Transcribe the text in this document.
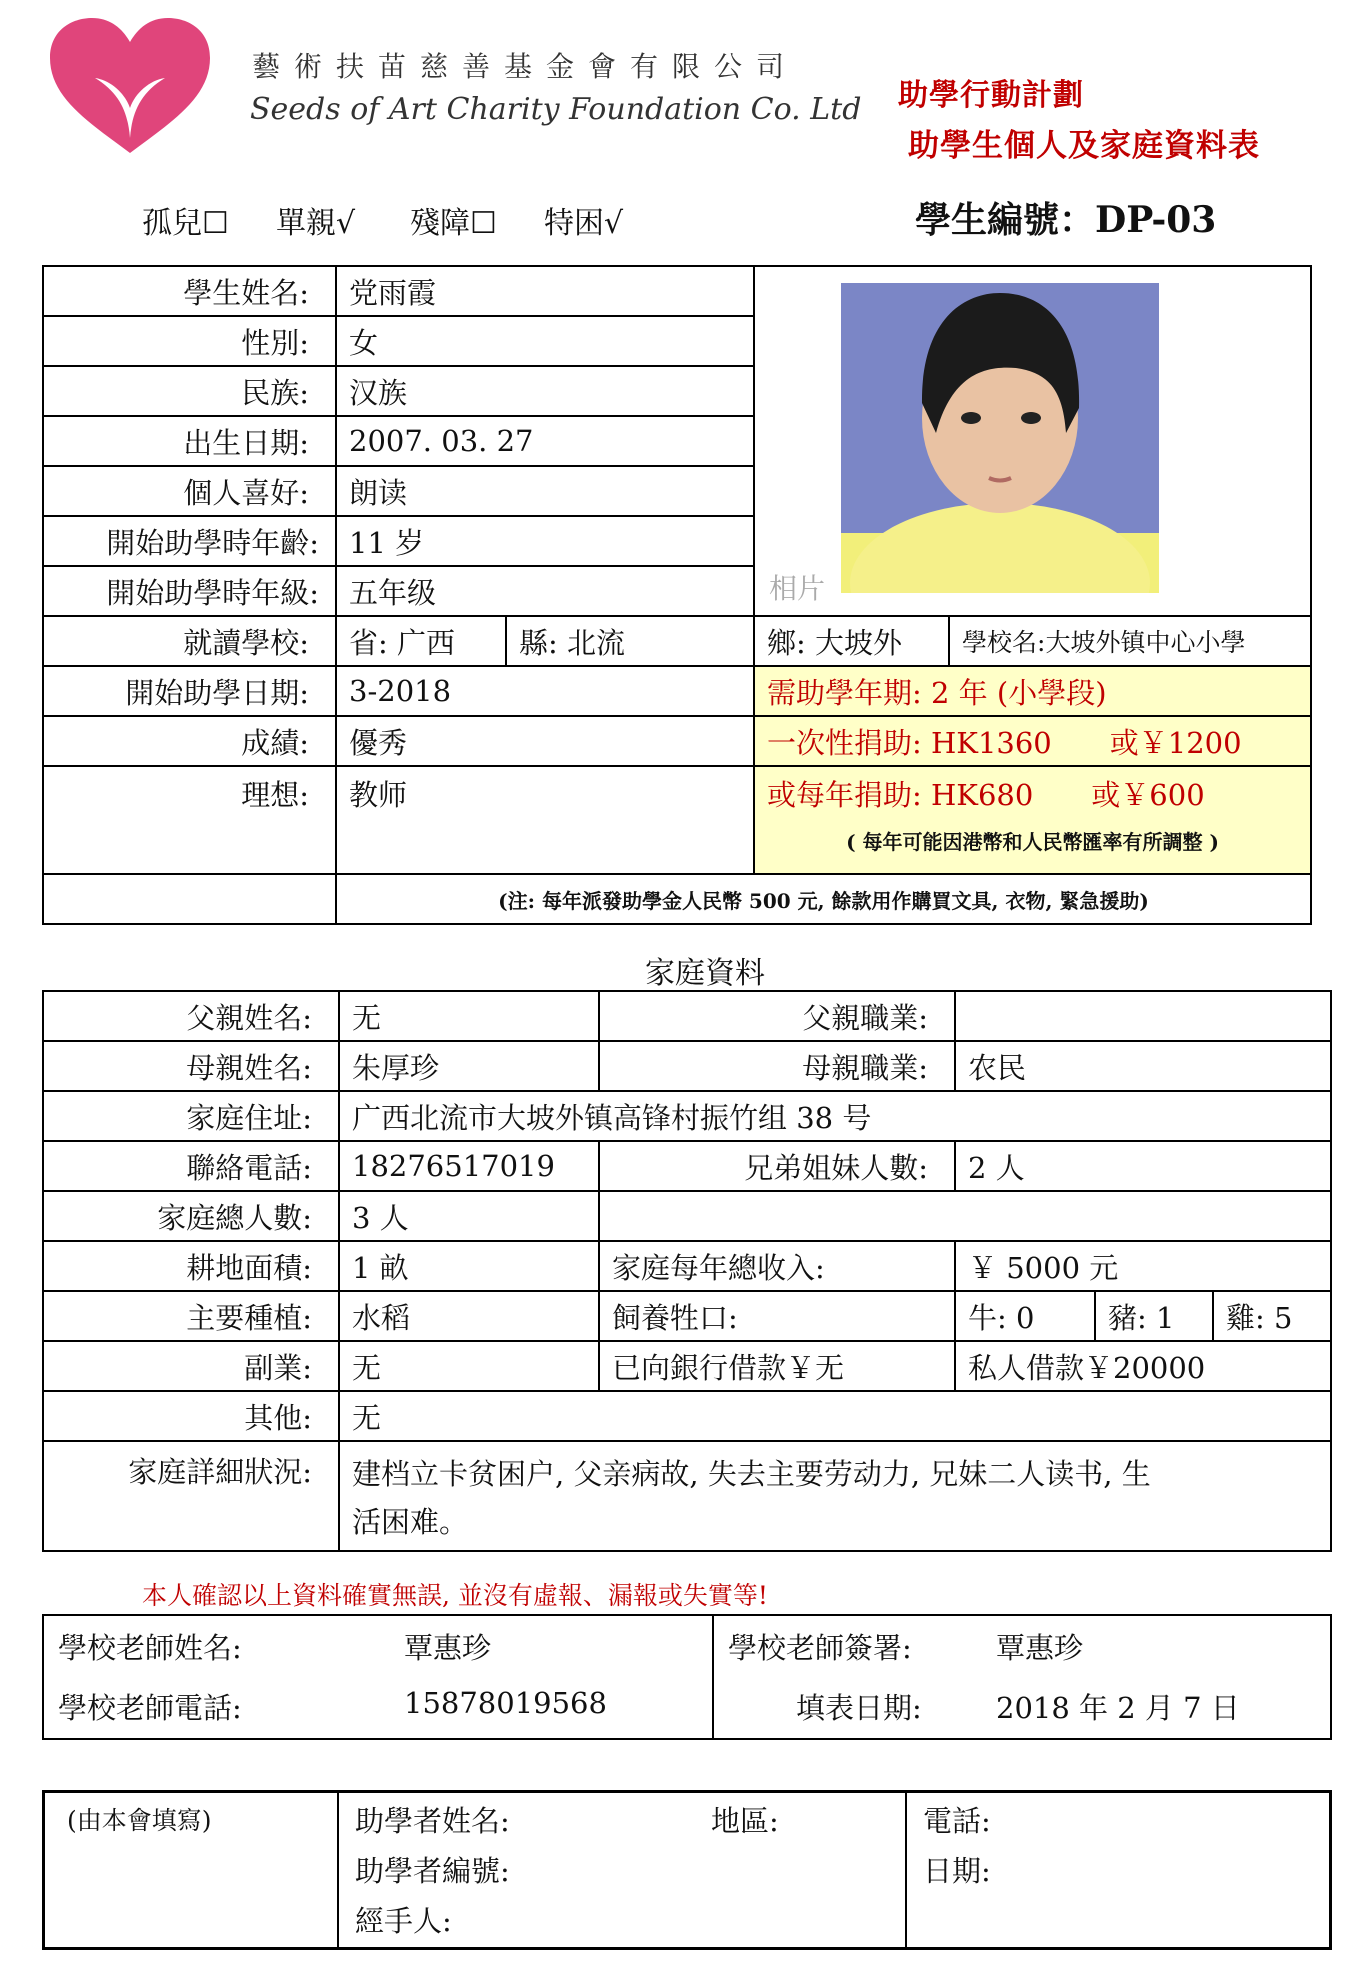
藝術扶苗慈善基金會有限公司
Seeds of Art Charity Foundation Co. Ltd 助學行動計劃
助學生個人及家庭資料表
孤兒☐ 單親√ 殘障☐ 特困√	學生編號：DP-03
學生姓名:	党雨霞		相片	

性別:	女			
民族:	汉族			
出生日期:	2007. 03. 27			
個人喜好:	朗读			
開始助學時年齡:	11 岁			
開始助學時年級:	五年级			
就讀學校:	省: 广西	縣: 北流	鄉: 大坡外	學校名:大坡外镇中心小學
開始助學日期:	3-2018		需助學年期: 2 年 (小學段)	
成績:	優秀		一次性捐助: HK1360　　或￥1200	
理想:	教师		或每年捐助: HK680　　或￥600
( 每年可能因港幣和人民幣匯率有所調整 )	

	(注: 每年派發助學金人民幣 500 元, 餘款用作購買文具, 衣物, 緊急援助)			
家庭資料
父親姓名:	无	父親職業:			
母親姓名:	朱厚珍	母親職業:	农民		
家庭住址:	广西北流市大坡外镇高锋村振竹组 38 号				
聯絡電話:	18276517019	兄弟姐妹人數:	2 人		
家庭總人數:	3 人				
耕地面積:	1 畝	家庭每年總收入:	￥ 5000 元		
主要種植:	水稻	飼養牲口:	牛: 0	豬: 1	雞: 5
副業:	无	已向銀行借款￥无	私人借款￥20000		
其他:	无				
家庭詳細狀況:	建档立卡贫困户, 父亲病故, 失去主要劳动力, 兄妹二人读书, 生
活困难。				
本人確認以上資料確實無誤, 並沒有虛報、漏報或失實等!
學校老師姓名:	覃惠珍
學校老師電話:	15878019568
學校老師簽署:	覃惠珍
填表日期:	2018 年 2 月 7 日
(由本會填寫)	助學者姓名:	地區:	電話:
助學者編號:	日期:
經手人:
